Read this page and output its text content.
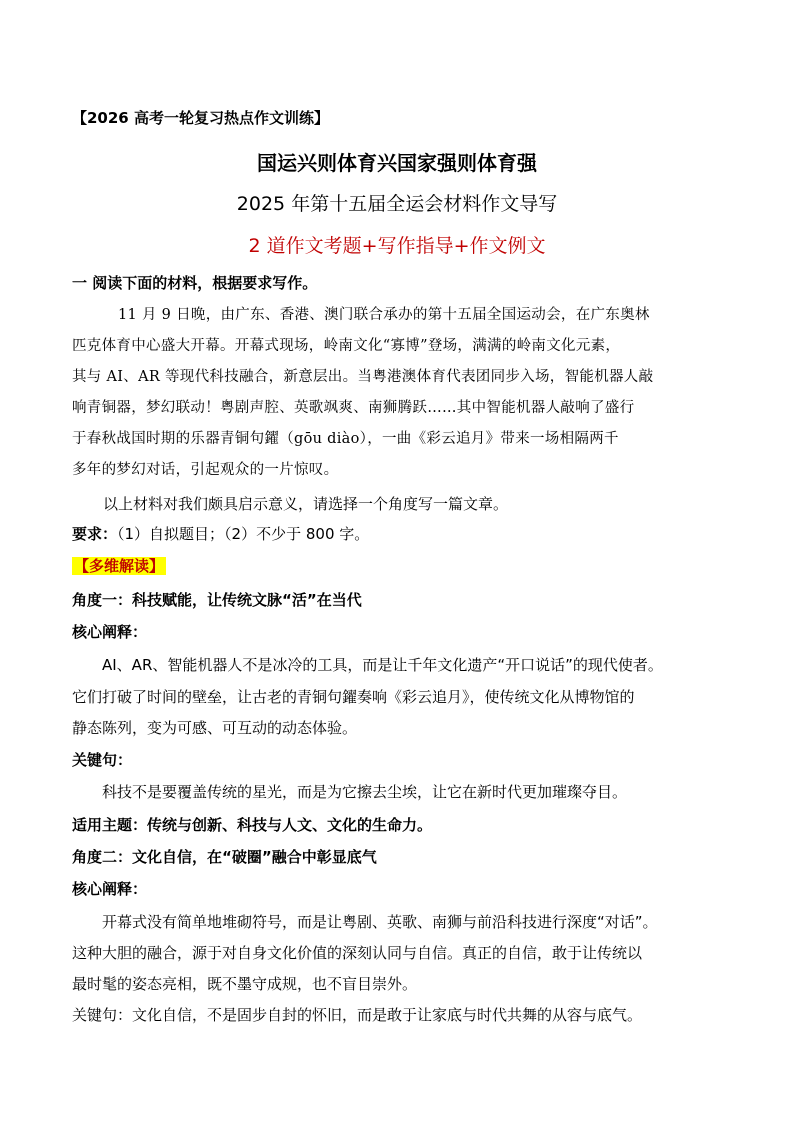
【2026 高考一轮复习热点作文训练】
国运兴则体育兴国家强则体育强
2025 年第十五届全运会材料作文导写
2 道作文考题+写作指导+作文例文
一 阅读下面的材料，根据要求写作。
11 月 9 日晚，由广东、香港、澳门联合承办的第十五届全国运动会，在广东奥林
匹克体育中心盛大开幕。开幕式现场，岭南文化“寡博”登场，满满的岭南文化元素，
其与 AI、AR 等现代科技融合，新意层出。当粤港澳体育代表团同步入场，智能机器人敲
响青铜器，梦幻联动！粤剧声腔、英歌飒爽、南狮腾跃……其中智能机器人敲响了盛行
于春秋战国时期的乐器青铜句鑃（gōu diào），一曲《彩云追月》带来一场相隔两千
多年的梦幻对话，引起观众的一片惊叹。
以上材料对我们颇具启示意义，请选择一个角度写一篇文章。
要求：（1）自拟题目；（2）不少于 800 字。
【多维解读】
角度一：科技赋能，让传统文脉“活”在当代
核心阐释：
AI、AR、智能机器人不是冰冷的工具，而是让千年文化遗产“开口说话”的现代使者。
它们打破了时间的壁垒，让古老的青铜句鑃奏响《彩云追月》，使传统文化从博物馆的
静态陈列，变为可感、可互动的动态体验。
关键句：
科技不是要覆盖传统的星光，而是为它擦去尘埃，让它在新时代更加璀璨夺目。
适用主题：传统与创新、科技与人文、文化的生命力。
角度二：文化自信，在“破圈”融合中彰显底气
核心阐释：
开幕式没有简单地堆砌符号，而是让粤剧、英歌、南狮与前沿科技进行深度“对话”。
这种大胆的融合，源于对自身文化价值的深刻认同与自信。真正的自信，敢于让传统以
最时髦的姿态亮相，既不墨守成规，也不盲目崇外。
关键句：文化自信，不是固步自封的怀旧，而是敢于让家底与时代共舞的从容与底气。
